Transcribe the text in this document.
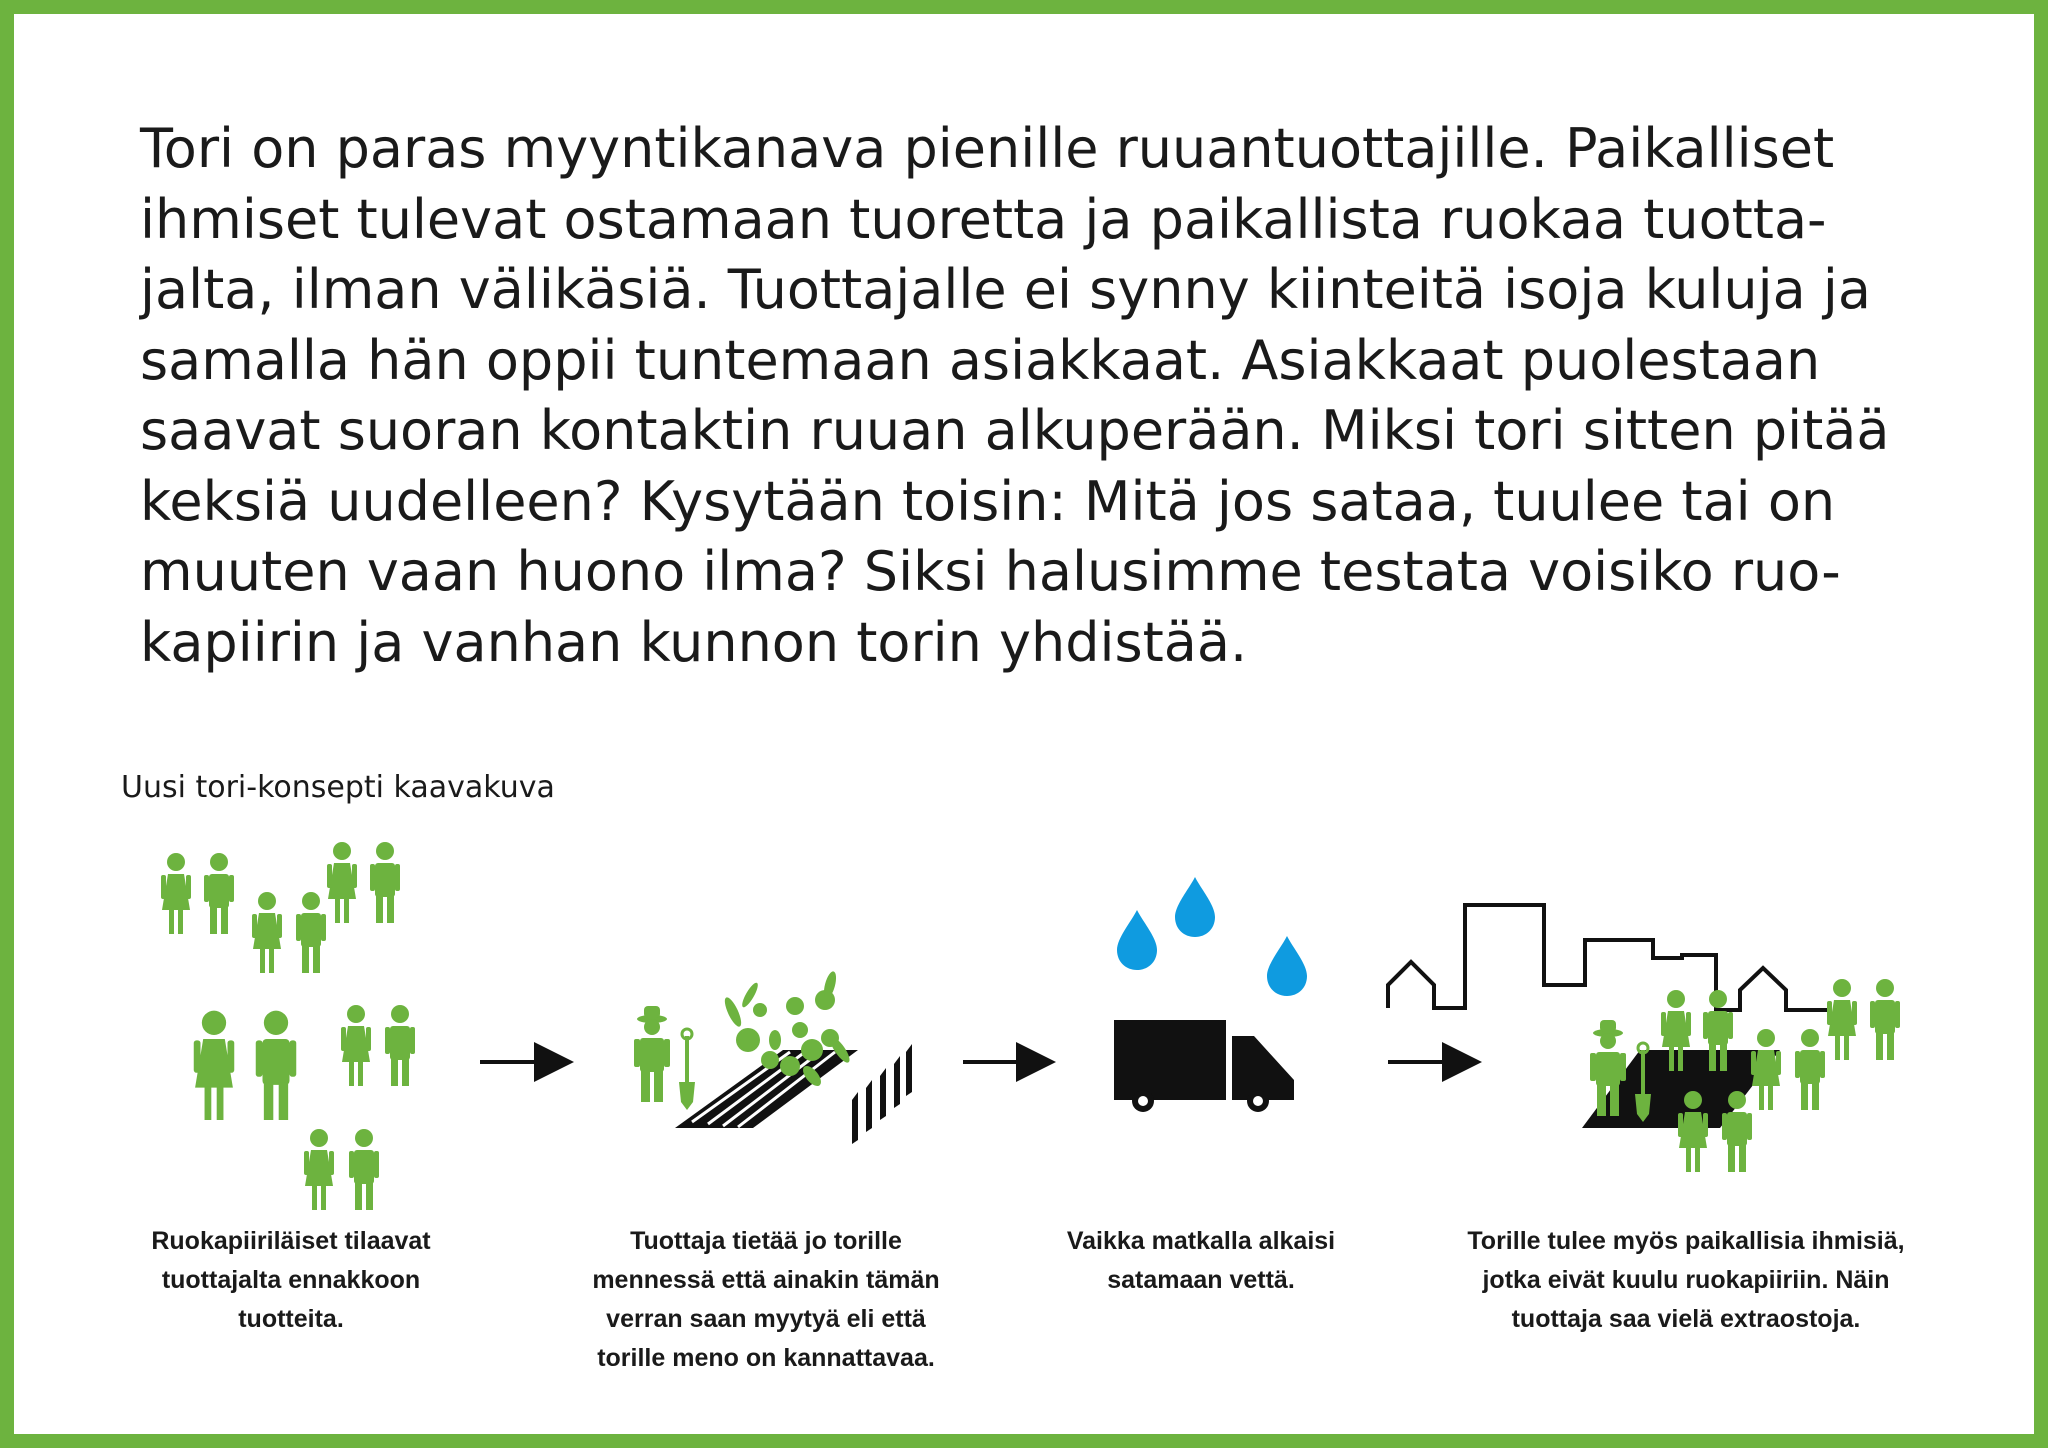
Tori on paras myyntikanava pienille ruuantuottajille. Paikalliset
ihmiset tulevat ostamaan tuoretta ja paikallista ruokaa tuotta-
jalta, ilman välikäsiä. Tuottajalle ei synny kiinteitä isoja kuluja ja
samalla hän oppii tuntemaan asiakkaat. Asiakkaat puolestaan
saavat suoran kontaktin ruuan alkuperään. Miksi tori sitten pitää
keksiä uudelleen? Kysytään toisin: Mitä jos sataa, tuulee tai on
muuten vaan huono ilma? Siksi halusimme testata voisiko ruo-
kapiirin ja vanhan kunnon torin yhdistää.

Uusi tori-konsepti kaavakuva
Ruokapiiriläiset tilaavat
tuottajalta ennakkoon
tuotteita.
Tuottaja tietää jo torille
mennessä että ainakin tämän
verran saan myytyä eli että
torille meno on kannattavaa.
Vaikka matkalla alkaisi
satamaan vettä.
Torille tulee myös paikallisia ihmisiä,
jotka eivät kuulu ruokapiiriin. Näin
tuottaja saa vielä extraostoja.
